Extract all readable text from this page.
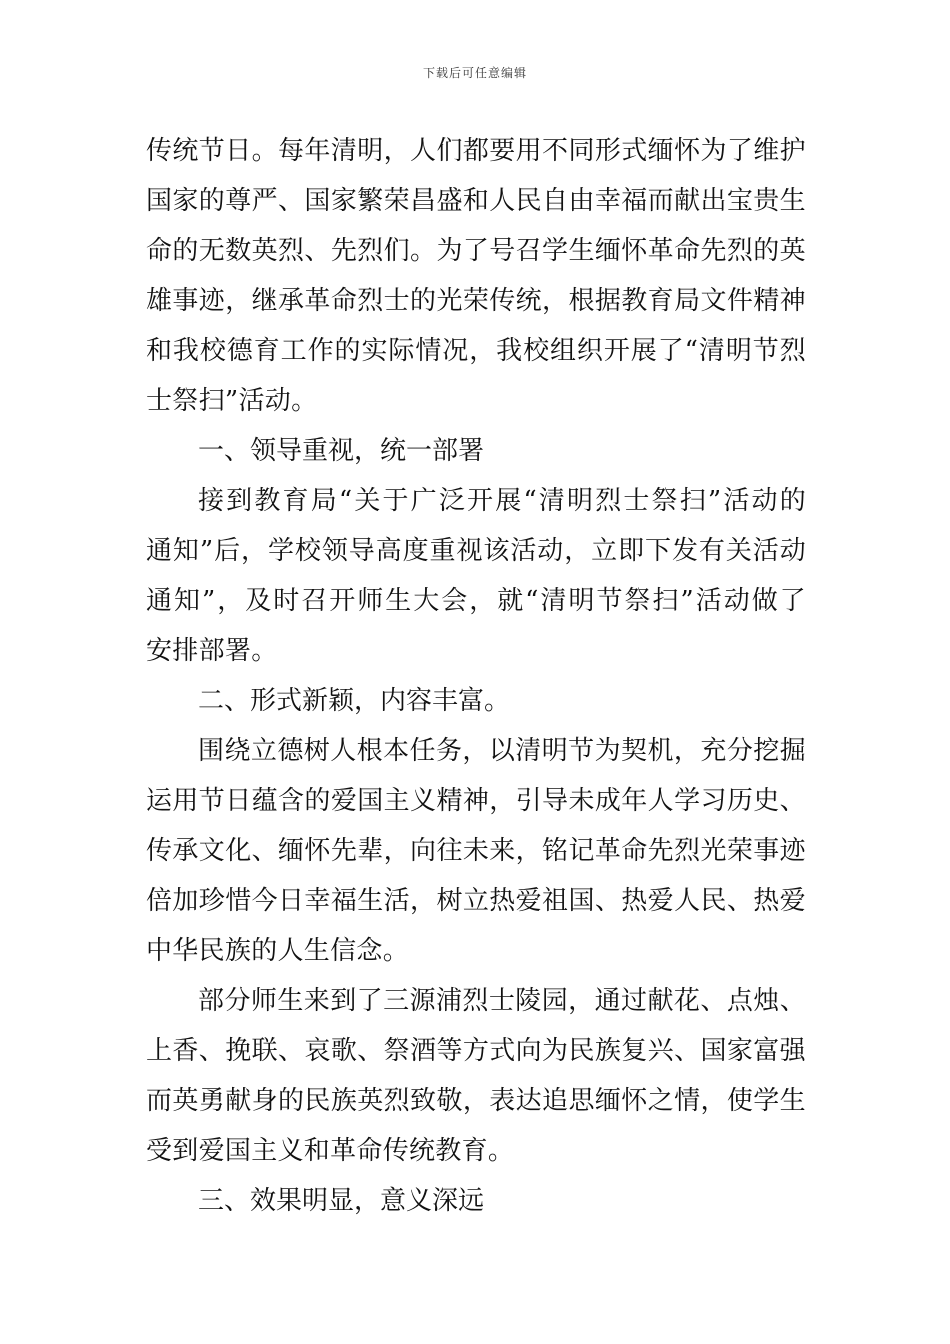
下载后可任意编辑
传统节日。每年清明，人们都要用不同形式缅怀为了维护
国家的尊严、国家繁荣昌盛和人民自由幸福而献出宝贵生
命的无数英烈、先烈们。为了号召学生缅怀革命先烈的英
雄事迹，继承革命烈士的光荣传统，根据教育局文件精神
和我校德育工作的实际情况，我校组织开展了“清明节烈
士祭扫”活动。
一、领导重视，统一部署
接到教育局“关于广泛开展“清明烈士祭扫”活动的
通知”后，学校领导高度重视该活动，立即下发有关活动
通知”，及时召开师生大会，就“清明节祭扫”活动做了
安排部署。
二、形式新颖，内容丰富。
围绕立德树人根本任务，以清明节为契机，充分挖掘
运用节日蕴含的爱国主义精神，引导未成年人学习历史、
传承文化、缅怀先辈，向往未来，铭记革命先烈光荣事迹
倍加珍惜今日幸福生活，树立热爱祖国、热爱人民、热爱
中华民族的人生信念。
部分师生来到了三源浦烈士陵园，通过献花、点烛、
上香、挽联、哀歌、祭酒等方式向为民族复兴、国家富强
而英勇献身的民族英烈致敬，表达追思缅怀之情，使学生
受到爱国主义和革命传统教育。
三、效果明显，意义深远
